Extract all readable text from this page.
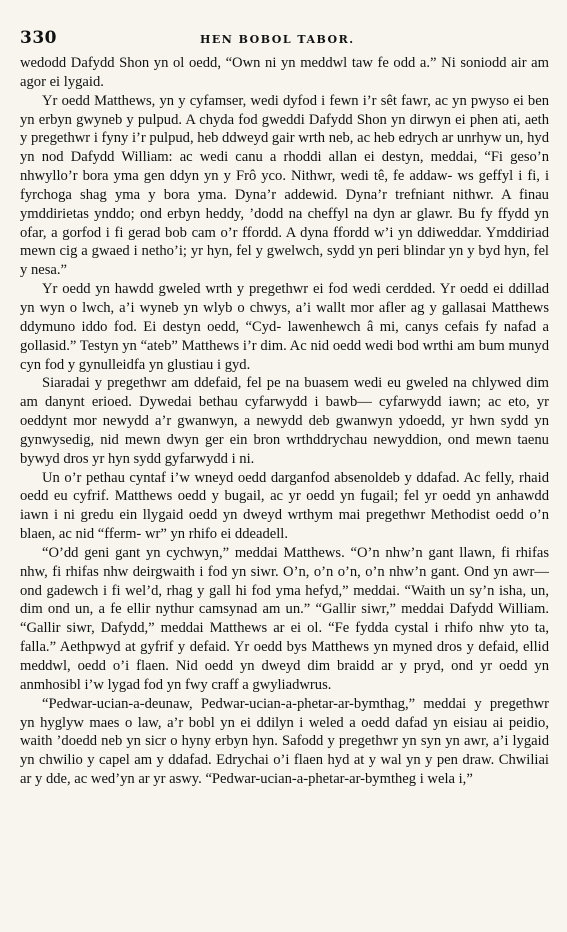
330	HEN BOBOL TABOR.
wedodd Dafydd Shon yn ol oedd, “Own ni yn meddwl taw fe odd a.” Ni soniodd air am agor ei lygaid.
Yr oedd Matthews, yn y cyfamser, wedi dyfod i fewn i’r sêt fawr, ac yn pwyso ei ben yn erbyn gwyneb y pulpud. A chyda fod gweddi Dafydd Shon yn dirwyn ei phen ati, aeth y pregethwr i fyny i’r pulpud, heb ddweyd gair wrth neb, ac heb edrych ar unrhyw un, hyd yn nod Dafydd William: ac wedi canu a rhoddi allan ei destyn, meddai, “Fi geso’n nhwyllo’r bora yma gen ddyn yn y Frô yco. Nithwr, wedi tê, fe addaw- ws geffyl i fi, i fyrchoga shag yma y bora yma. Dyna’r addewid. Dyna’r trefniant nithwr. A finau ymddirietas ynddo; ond erbyn heddy, ’dodd na cheffyl na dyn ar glawr. Bu fy ffydd yn ofar, a gorfod i fi gerad bob cam o’r ffordd. A dyna ffordd w’i yn ddiweddar. Ymddiriad mewn cig a gwaed i netho’i; yr hyn, fel y gwelwch, sydd yn peri blindar yn y byd hyn, fel y nesa.”
Yr oedd yn hawdd gweled wrth y pregethwr ei fod wedi cerdded. Yr oedd ei ddillad yn wyn o lwch, a’i wyneb yn wlyb o chwys, a’i wallt mor afler ag y gallasai Matthews ddymuno iddo fod. Ei destyn oedd, “Cyd- lawenhewch â mi, canys cefais fy nafad a gollasid.” Testyn yn “ateb” Matthews i’r dim. Ac nid oedd wedi bod wrthi am bum munyd cyn fod y gynulleidfa yn glustiau i gyd.
Siaradai y pregethwr am ddefaid, fel pe na buasem wedi eu gweled na chlywed dim am danynt erioed. Dywedai bethau cyfarwydd i bawb— cyfarwydd iawn; ac eto, yr oeddynt mor newydd a’r gwanwyn, a newydd deb gwanwyn ydoedd, yr hwn sydd yn gynwysedig, nid mewn dwyn ger ein bron wrthddrychau newyddion, ond mewn taenu bywyd dros yr hyn sydd gyfarwydd i ni.
Un o’r pethau cyntaf i’w wneyd oedd darganfod absenoldeb y ddafad. Ac felly, rhaid oedd eu cyfrif. Matthews oedd y bugail, ac yr oedd yn fugail; fel yr oedd yn anhawdd iawn i ni gredu ein llygaid oedd yn dweyd wrthym mai pregethwr Methodist oedd o’n blaen, ac nid “fferm- wr” yn rhifo ei ddeadell.
“O’dd geni gant yn cychwyn,” meddai Matthews. “O’n nhw’n gant llawn, fi rhifas nhw, fi rhifas nhw deirgwaith i fod yn siwr. O’n, o’n o’n, o’n nhw’n gant. Ond yn awr—ond gadewch i fi wel’d, rhag y gall hi fod yma hefyd,” meddai. “Waith un sy’n isha, un, dim ond un, a fe ellir nythur camsynad am un.” “Gallir siwr,” meddai Dafydd William. “Gallir siwr, Dafydd,” meddai Matthews ar ei ol. “Fe fydda cystal i rhifo nhw yto ta, falla.” Aethpwyd at gyfrif y defaid. Yr oedd bys Matthews yn myned dros y defaid, ellid meddwl, oedd o’i flaen. Nid oedd yn dweyd dim braidd ar y pryd, ond yr oedd yn anmhosibl i’w lygad fod yn fwy craff a gwyliadwrus.
“Pedwar-ucian-a-deunaw, Pedwar-ucian-a-phetar-ar-bymthag,” meddai y pregethwr yn hyglyw maes o law, a’r bobl yn ei ddilyn i weled a oedd dafad yn eisiau ai peidio, waith ’doedd neb yn sicr o hyny erbyn hyn. Safodd y pregethwr yn syn yn awr, a’i lygaid yn chwilio y capel am y ddafad. Edrychai o’i flaen hyd at y wal yn y pen draw. Chwiliai ar y dde, ac wed’yn ar yr aswy. “Pedwar-ucian-a-phetar-ar-bymtheg i wela i,”
